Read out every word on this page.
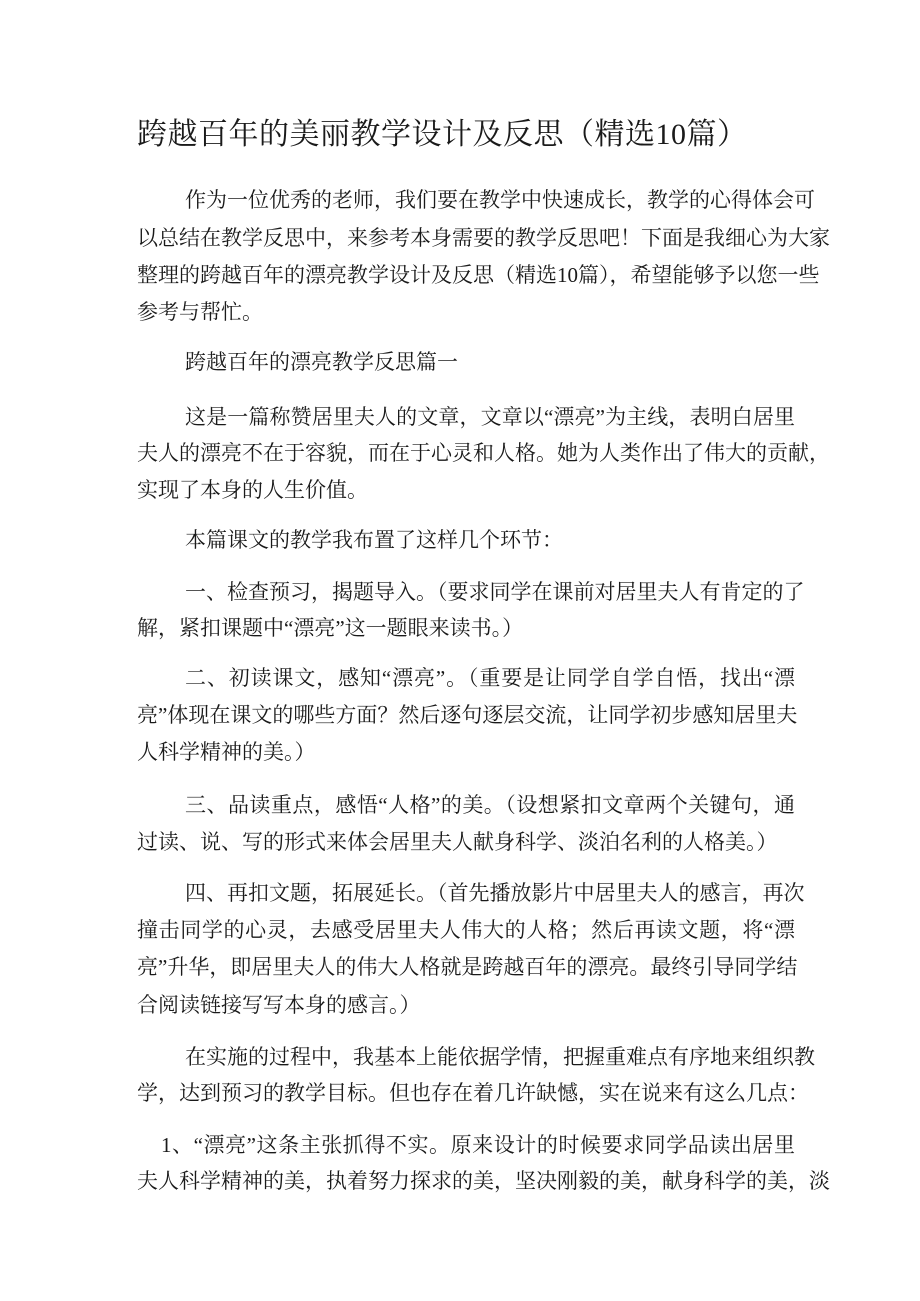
跨越百年的美丽教学设计及反思（精选10篇）
作为一位优秀的老师，我们要在教学中快速成长，教学的心得体会可
以总结在教学反思中，来参考本身需要的教学反思吧！下面是我细心为大家
整理的跨越百年的漂亮教学设计及反思（精选10篇），希望能够予以您一些
参考与帮忙。
跨越百年的漂亮教学反思篇一
这是一篇称赞居里夫人的文章，文章以“漂亮”为主线，表明白居里
夫人的漂亮不在于容貌，而在于心灵和人格。她为人类作出了伟大的贡献，
实现了本身的人生价值。
本篇课文的教学我布置了这样几个环节：
一、检查预习，揭题导入。（要求同学在课前对居里夫人有肯定的了
解，紧扣课题中“漂亮”这一题眼来读书。）
二、初读课文，感知“漂亮”。（重要是让同学自学自悟，找出“漂
亮”体现在课文的哪些方面？然后逐句逐层交流，让同学初步感知居里夫
人科学精神的美。）
三、品读重点，感悟“人格”的美。（设想紧扣文章两个关键句，通
过读、说、写的形式来体会居里夫人献身科学、淡泊名利的人格美。）
四、再扣文题，拓展延长。（首先播放影片中居里夫人的感言，再次
撞击同学的心灵，去感受居里夫人伟大的人格；然后再读文题，将“漂
亮”升华，即居里夫人的伟大人格就是跨越百年的漂亮。最终引导同学结
合阅读链接写写本身的感言。）
在实施的过程中，我基本上能依据学情，把握重难点有序地来组织教
学，达到预习的教学目标。但也存在着几许缺憾，实在说来有这么几点：
1、“漂亮”这条主张抓得不实。原来设计的时候要求同学品读出居里
夫人科学精神的美，执着努力探求的美，坚决刚毅的美，献身科学的美，淡
